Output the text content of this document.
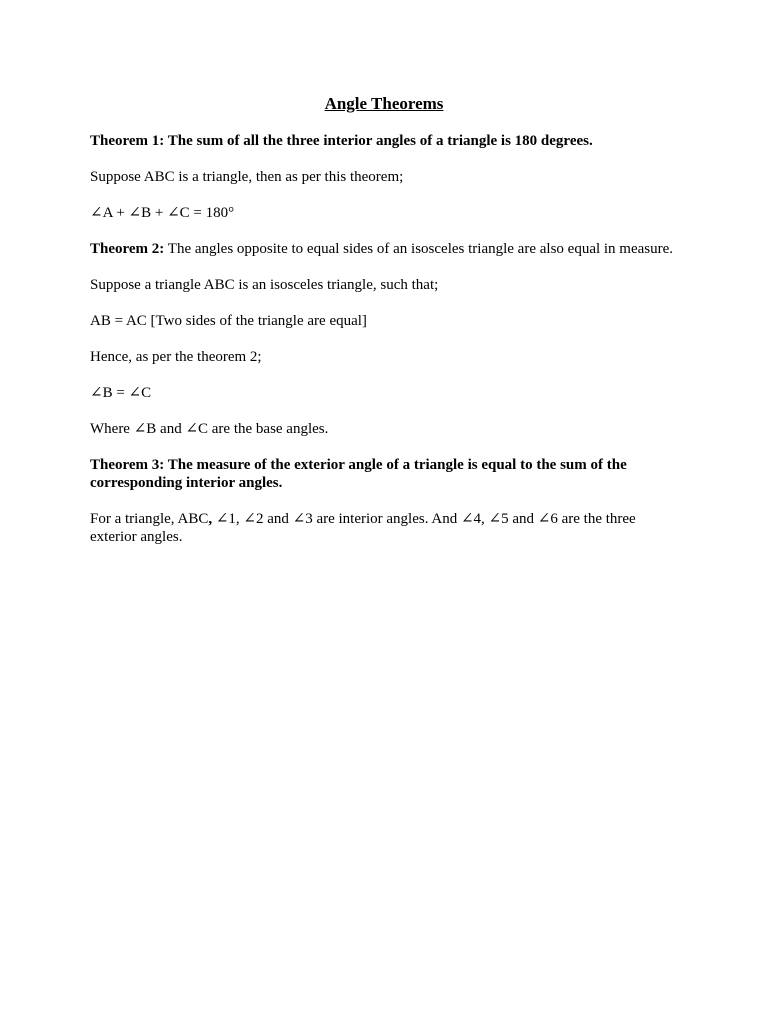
Angle Theorems

Theorem 1: The sum of all the three interior angles of a triangle is 180 degrees.

Suppose ABC is a triangle, then as per this theorem;

∠A + ∠B + ∠C = 180°

Theorem 2: The angles opposite to equal sides of an isosceles triangle are also equal in measure.

Suppose a triangle ABC is an isosceles triangle, such that;

AB = AC [Two sides of the triangle are equal]

Hence, as per the theorem 2;

∠B = ∠C

Where ∠B and ∠C are the base angles.

Theorem 3: The measure of the exterior angle of a triangle is equal to the sum of the corresponding interior angles.

For a triangle, ABC, ∠1, ∠2 and ∠3 are interior angles. And ∠4, ∠5 and ∠6 are the three exterior angles.
